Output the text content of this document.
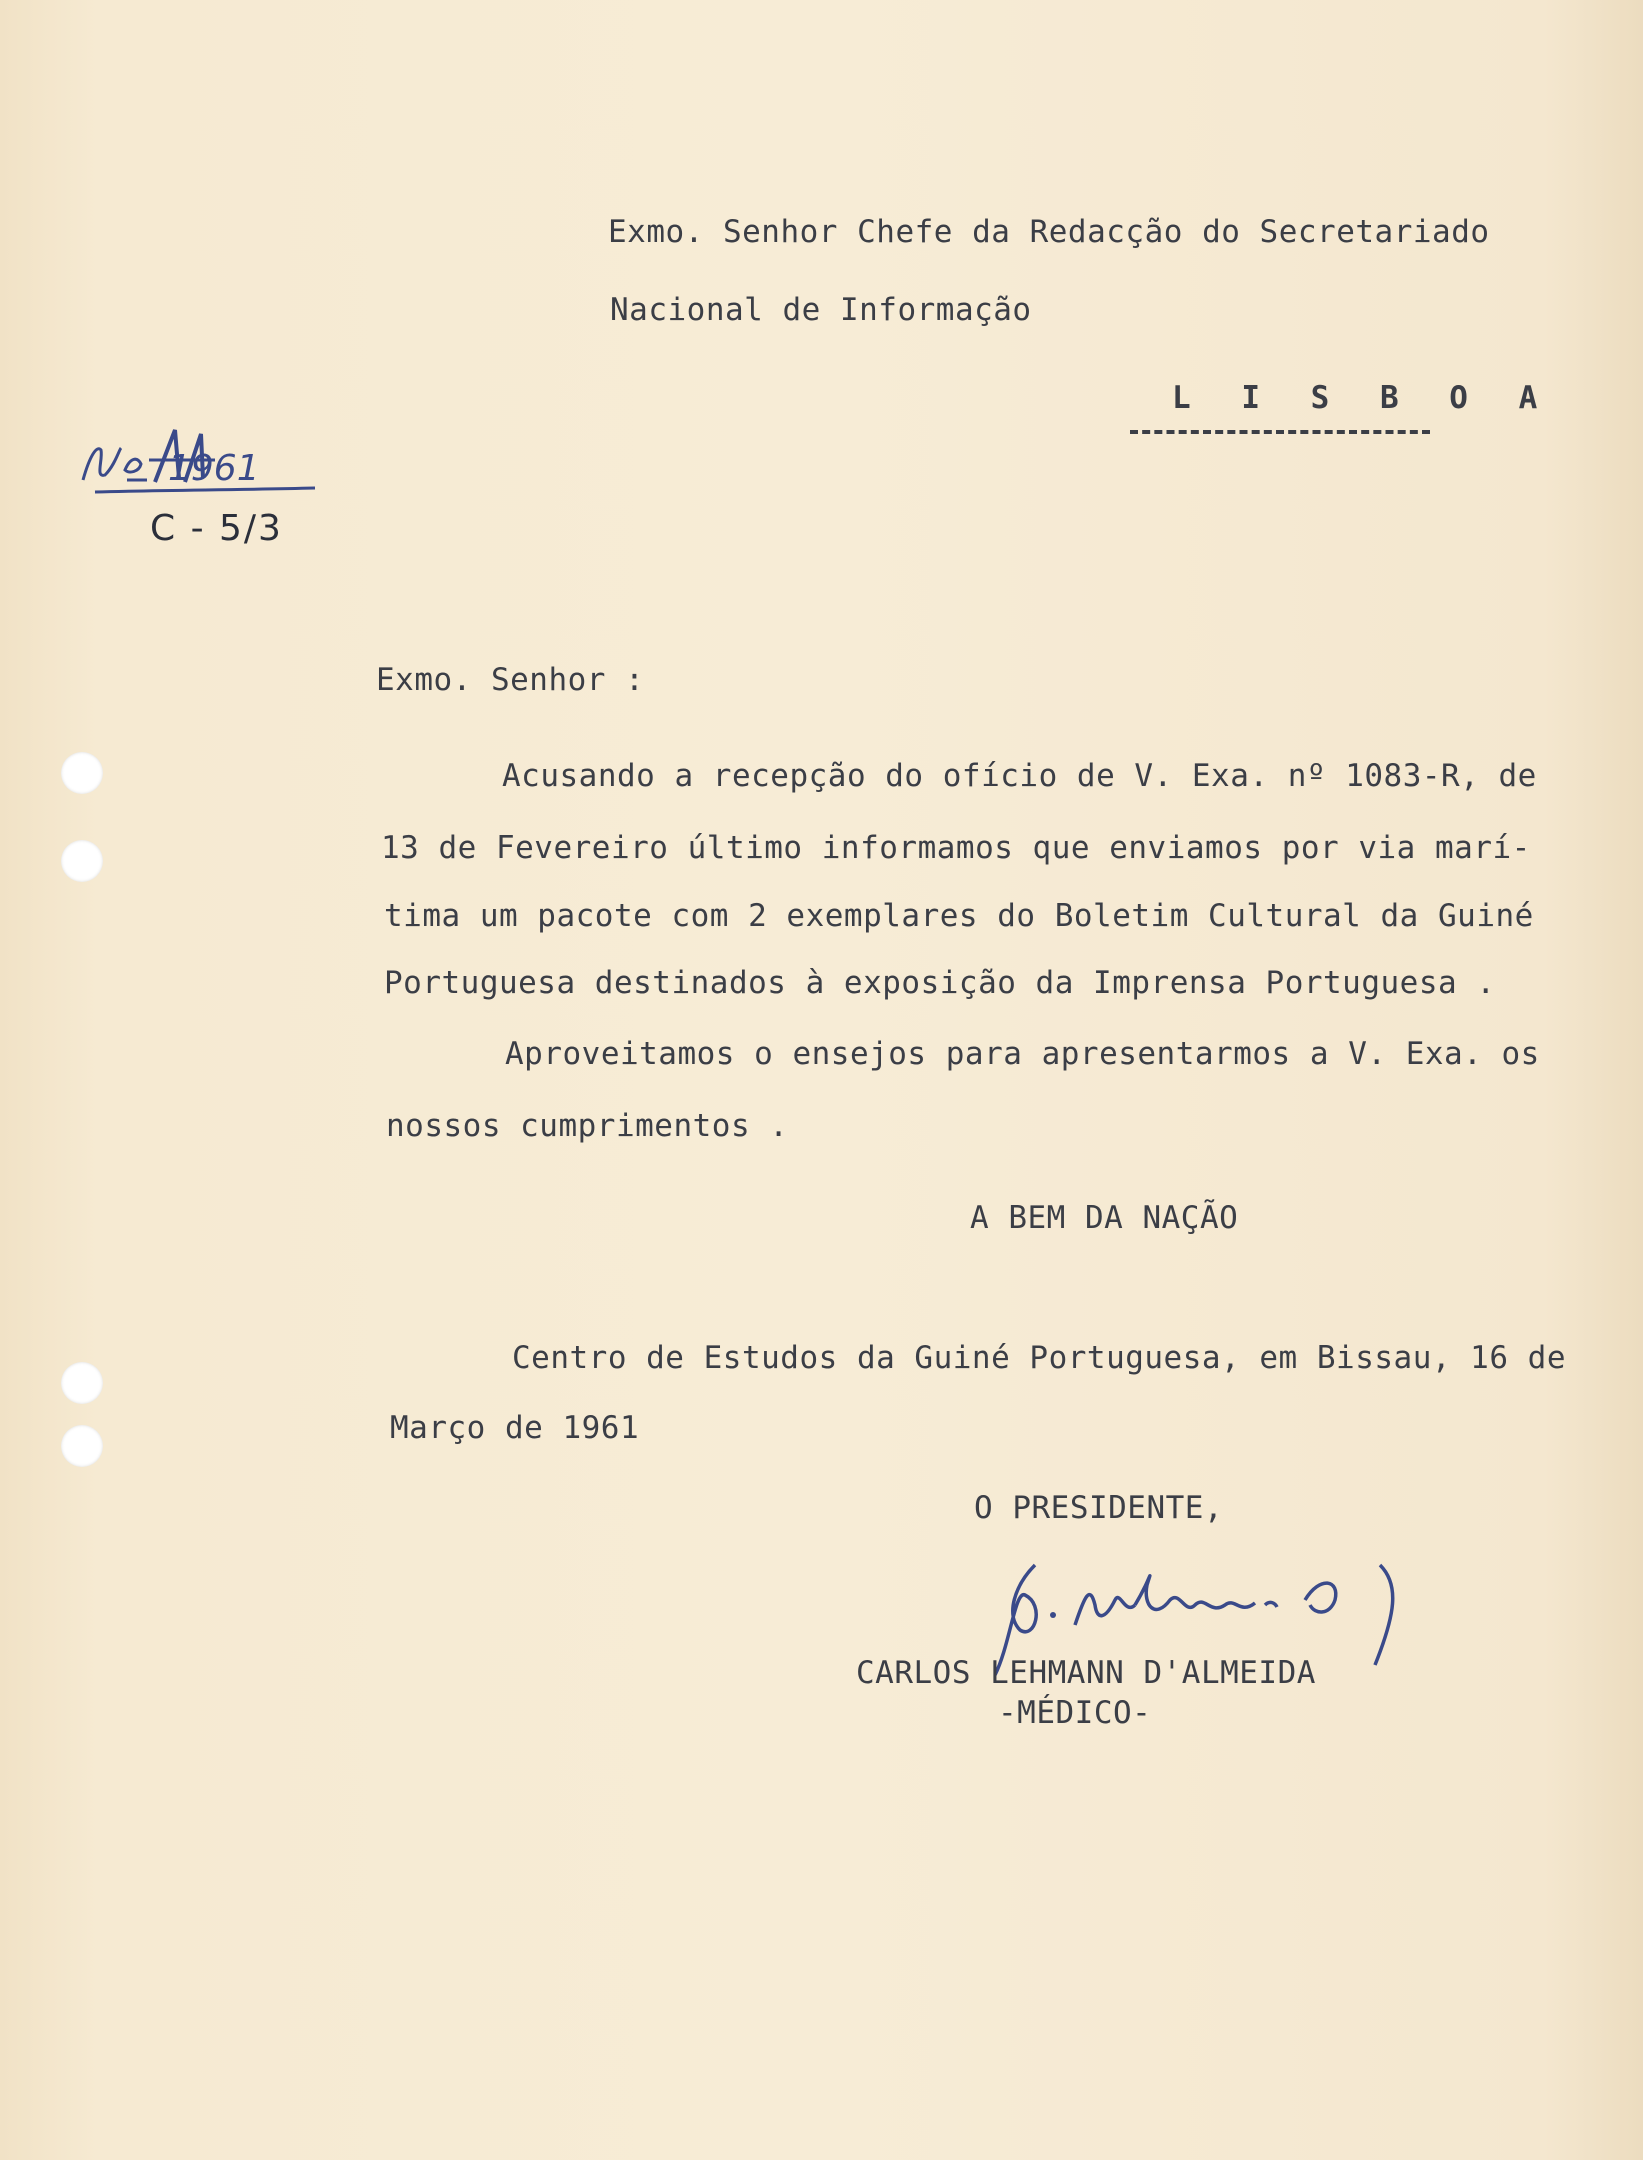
Exmo. Senhor Chefe da Redacção do Secretariado
Nacional de Informação
L I S B O A
1961
C - 5/3
Exmo. Senhor :
Acusando a recepção do ofício de V. Exa. nº 1083-R, de
13 de Fevereiro último informamos que enviamos por via marí-
tima um pacote com 2 exemplares do Boletim Cultural da Guiné
Portuguesa destinados à exposição da Imprensa Portuguesa .
Aproveitamos o ensejos para apresentarmos a V. Exa. os
nossos cumprimentos .
A BEM DA NAÇÃO
Centro de Estudos da Guiné Portuguesa, em Bissau, 16 de
Março de 1961
O PRESIDENTE,
CARLOS LEHMANN D'ALMEIDA
-MÉDICO-
